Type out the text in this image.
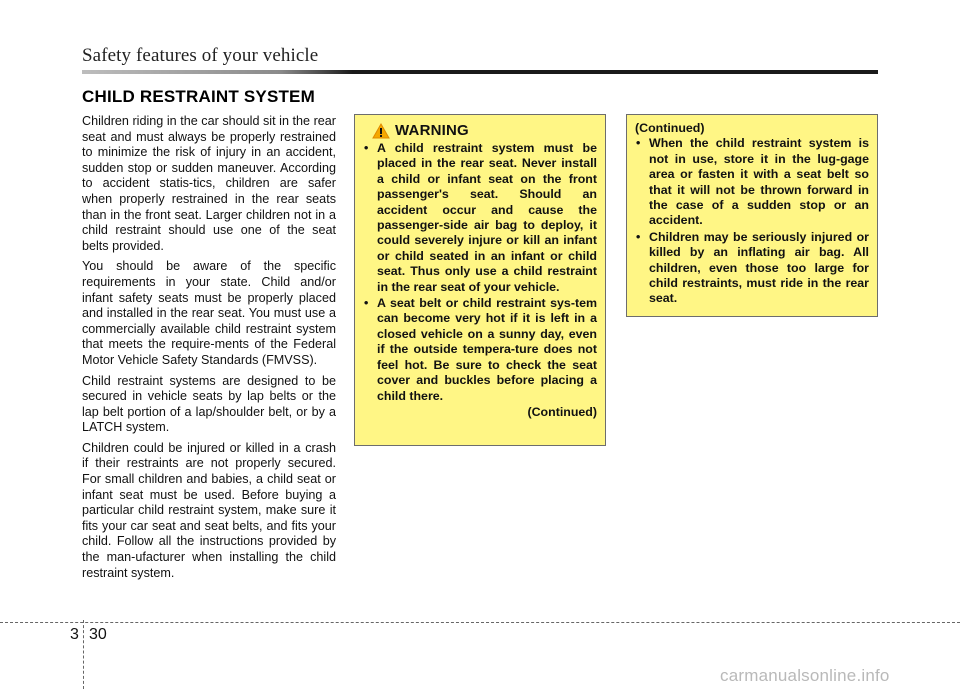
Safety features of your vehicle
CHILD RESTRAINT SYSTEM

Children riding in the car should sit in the rear seat and must always be properly restrained to minimize the risk of injury in an accident, sudden stop or sudden maneuver. According to accident statis-tics, children are safer when properly restrained in the rear seats than in the front seat. Larger children not in a child restraint should use one of the seat belts provided.

You should be aware of the specific requirements in your state. Child and/or infant safety seats must be properly placed and installed in the rear seat. You must use a commercially available child restraint system that meets the require-ments of the Federal Motor Vehicle Safety Standards (FMVSS).

Child restraint systems are designed to be secured in vehicle seats by lap belts or the lap belt portion of a lap/shoulder belt, or by a LATCH system.

Children could be injured or killed in a crash if their restraints are not properly secured. For small children and babies, a child seat or infant seat must be used. Before buying a particular child restraint system, make sure it fits your car seat and seat belts, and fits your child. Follow all the instructions provided by the man-ufacturer when installing the child restraint system.

WARNING
• A child restraint system must be placed in the rear seat. Never install a child or infant seat on the front passenger's seat. Should an accident occur and cause the passenger-side air bag to deploy, it could severely injure or kill an infant or child seated in an infant or child seat. Thus only use a child restraint in the rear seat of your vehicle.
• A seat belt or child restraint sys-tem can become very hot if it is left in a closed vehicle on a sunny day, even if the outside tempera-ture does not feel hot. Be sure to check the seat cover and buckles before placing a child there.
(Continued)
(Continued)
• When the child restraint system is not in use, store it in the lug-gage area or fasten it with a seat belt so that it will not be thrown forward in the case of a sudden stop or an accident.
• Children may be seriously injured or killed by an inflating air bag. All children, even those too large for child restraints, must ride in the rear seat.
3 30
carmanualsonline.info
